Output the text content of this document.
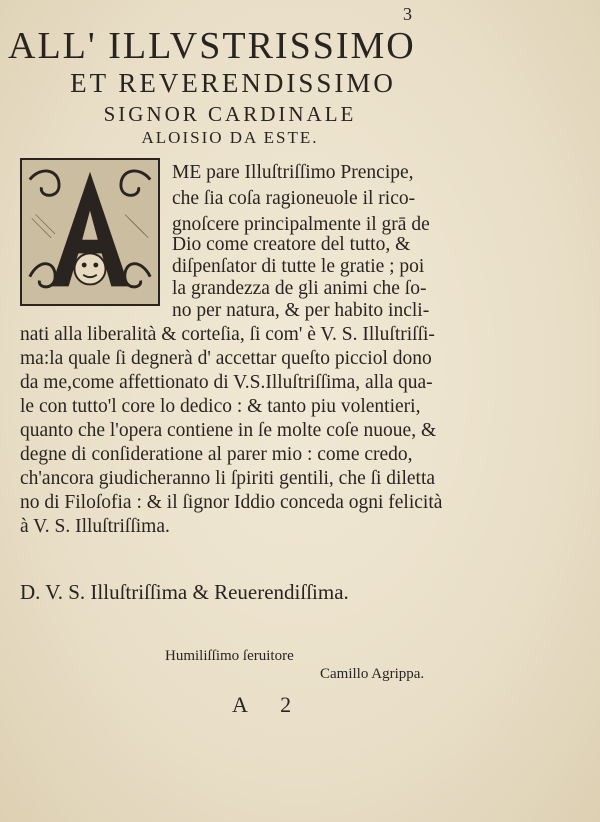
3
ALL' ILLVSTRISSIMO
ET REVERENDISSIMO
SIGNOR CARDINALE
ALOISIO DA ESTE.
ME pare Illuſtriſſimo Prencipe,
che ſia coſa ragioneuole il rico-
gnoſcere principalmente il grā de
Dio come creatore del tutto, &
diſpenſator di tutte le gratie ; poi
la grandezza de gli animi che ſo-
no per natura, & per habito incli-
nati alla liberalità & corteſia, ſi com' è V. S. Illuſtriſſi-
ma:la quale ſi degnerà d' accettar queſto picciol dono
da me,come affettionato di V.S.Illuſtriſſima, alla qua-
le con tutto'l core lo dedico : & tanto piu volentieri,
quanto che l'opera contiene in ſe molte coſe nuoue, &
degne di conſideratione al parer mio : come credo,
ch'ancora giudicheranno li ſpiriti gentili, che ſi diletta
no di Filoſofia : & il ſignor Iddio conceda ogni felicità
à V. S. Illuſtriſſima.
D. V. S. Illuſtriſſima & Reuerendiſſima.
Humiliſſimo ſeruitore
Camillo Agrippa.
A 2
